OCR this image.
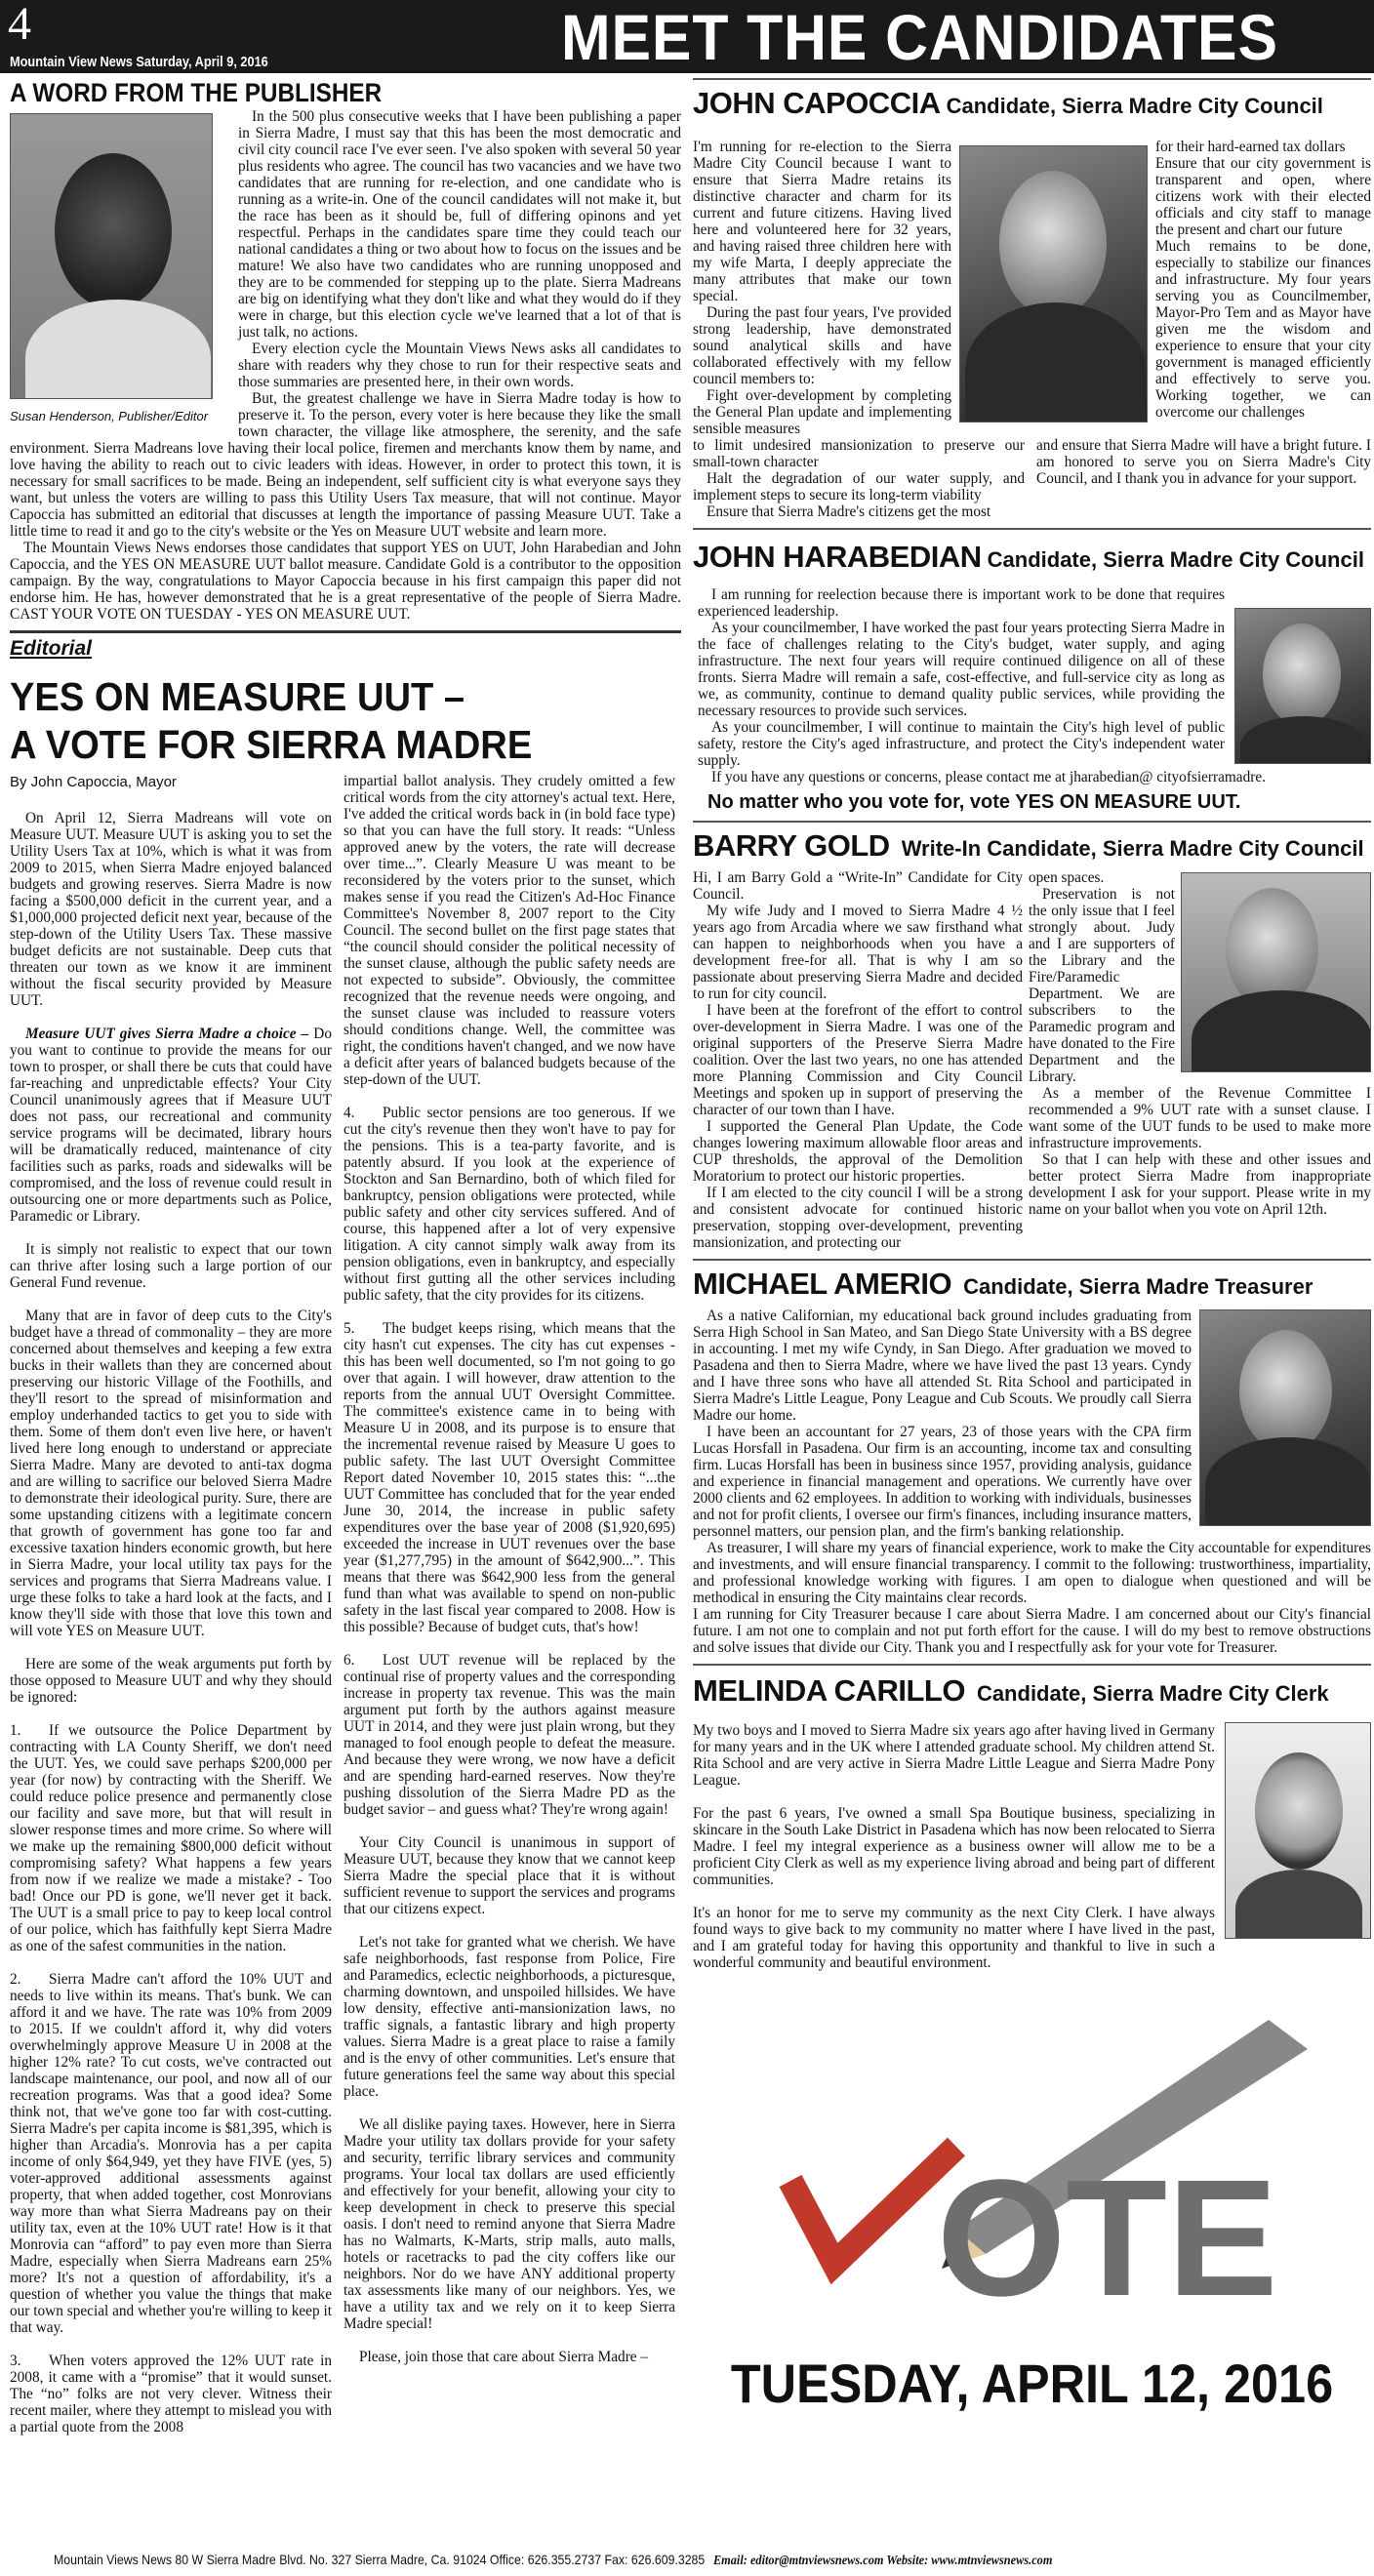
4
Mountain View News Saturday, April 9, 2016	MEET THE CANDIDATES
A WORD FROM THE PUBLISHER
Susan Henderson, Publisher/Editor

In the 500 plus consecutive weeks that I have been publishing a paper in Sierra Madre, I must say that this has been the most democratic and civil city council race I've ever seen. I've also spoken with several 50 year plus residents who agree. The council has two vacancies and we have two candidates that are running for re-election, and one candidate who is running as a write-in. One of the council candidates will not make it, but the race has been as it should be, full of differing opinons and yet respectful. Perhaps in the candidates spare time they could teach our national candidates a thing or two about how to focus on the issues and be mature! We also have two candidates who are running unopposed and they are to be commended for stepping up to the plate. Sierra Madreans are big on identifying what they don't like and what they would do if they were in charge, but this election cycle we've learned that a lot of that is just talk, no actions.

Every election cycle the Mountain Views News asks all candidates to share with readers why they chose to run for their respective seats and those summaries are presented here, in their own words.

But, the greatest challenge we have in Sierra Madre today is how to preserve it. To the person, every voter is here because they like the small town character, the village like atmosphere, the serenity, and the safe environment. Sierra Madreans love having their local police, firemen and merchants know them by name, and love having the ability to reach out to civic leaders with ideas. However, in order to protect this town, it is necessary for small sacrifices to be made. Being an independent, self sufficient city is what everyone says they want, but unless the voters are willing to pass this Utility Users Tax measure, that will not continue. Mayor Capoccia has submitted an editorial that discusses at length the importance of passing Measure UUT. Take a little time to read it and go to the city's website or the Yes on Measure UUT website and learn more.

The Mountain Views News endorses those candidates that support YES on UUT, John Harabedian and John Capoccia, and the YES ON MEASURE UUT ballot measure. Candidate Gold is a contributor to the opposition campaign. By the way, congratulations to Mayor Capoccia because in his first campaign this paper did not endorse him. He has, however demonstrated that he is a great representative of the people of Sierra Madre. CAST YOUR VOTE ON TUESDAY - YES ON MEASURE UUT.

Editorial
YES ON MEASURE UUT –
A VOTE FOR SIERRA MADRE
By John Capoccia, Mayor

On April 12, Sierra Madreans will vote on Measure UUT. Measure UUT is asking you to set the Utility Users Tax at 10%, which is what it was from 2009 to 2015, when Sierra Madre enjoyed balanced budgets and growing reserves. Sierra Madre is now facing a $500,000 deficit in the current year, and a $1,000,000 projected deficit next year, because of the step-down of the Utility Users Tax. These massive budget deficits are not sustainable. Deep cuts that threaten our town as we know it are imminent without the fiscal security provided by Measure UUT.

Measure UUT gives Sierra Madre a choice – Do you want to continue to provide the means for our town to prosper, or shall there be cuts that could have far-reaching and unpredictable effects? Your City Council unanimously agrees that if Measure UUT does not pass, our recreational and community service programs will be decimated, library hours will be dramatically reduced, maintenance of city facilities such as parks, roads and sidewalks will be compromised, and the loss of revenue could result in outsourcing one or more departments such as Police, Paramedic or Library.

It is simply not realistic to expect that our town can thrive after losing such a large portion of our General Fund revenue.

Many that are in favor of deep cuts to the City's budget have a thread of commonality – they are more concerned about themselves and keeping a few extra bucks in their wallets than they are concerned about preserving our historic Village of the Foothills, and they'll resort to the spread of misinformation and employ underhanded tactics to get you to side with them. Some of them don't even live here, or haven't lived here long enough to understand or appreciate Sierra Madre. Many are devoted to anti-tax dogma and are willing to sacrifice our beloved Sierra Madre to demonstrate their ideological purity. Sure, there are some upstanding citizens with a legitimate concern that growth of government has gone too far and excessive taxation hinders economic growth, but here in Sierra Madre, your local utility tax pays for the services and programs that Sierra Madreans value. I urge these folks to take a hard look at the facts, and I know they'll side with those that love this town and will vote YES on Measure UUT.

Here are some of the weak arguments put forth by those opposed to Measure UUT and why they should be ignored:

1. If we outsource the Police Department by contracting with LA County Sheriff, we don't need the UUT. Yes, we could save perhaps $200,000 per year (for now) by contracting with the Sheriff. We could reduce police presence and permanently close our facility and save more, but that will result in slower response times and more crime. So where will we make up the remaining $800,000 deficit without compromising safety? What happens a few years from now if we realize we made a mistake? - Too bad! Once our PD is gone, we'll never get it back. The UUT is a small price to pay to keep local control of our police, which has faithfully kept Sierra Madre as one of the safest communities in the nation.

2. Sierra Madre can't afford the 10% UUT and needs to live within its means. That's bunk. We can afford it and we have. The rate was 10% from 2009 to 2015. If we couldn't afford it, why did voters overwhelmingly approve Measure U in 2008 at the higher 12% rate? To cut costs, we've contracted out landscape maintenance, our pool, and now all of our recreation programs. Was that a good idea? Some think not, that we've gone too far with cost-cutting. Sierra Madre's per capita income is $81,395, which is higher than Arcadia's. Monrovia has a per capita income of only $64,949, yet they have FIVE (yes, 5) voter-approved additional assessments against property, that when added together, cost Monrovians way more than what Sierra Madreans pay on their utility tax, even at the 10% UUT rate! How is it that Monrovia can “afford” to pay even more than Sierra Madre, especially when Sierra Madreans earn 25% more? It's not a question of affordability, it's a question of whether you value the things that make our town special and whether you're willing to keep it that way.

3. When voters approved the 12% UUT rate in 2008, it came with a “promise” that it would sunset. The “no” folks are not very clever. Witness their recent mailer, where they attempt to mislead you with a partial quote from the 2008

impartial ballot analysis. They crudely omitted a few critical words from the city attorney's actual text. Here, I've added the critical words back in (in bold face type) so that you can have the full story. It reads: “Unless approved anew by the voters, the rate will decrease over time...”. Clearly Measure U was meant to be reconsidered by the voters prior to the sunset, which makes sense if you read the Citizen's Ad-Hoc Finance Committee's November 8, 2007 report to the City Council. The second bullet on the first page states that “the council should consider the political necessity of the sunset clause, although the public safety needs are not expected to subside”. Obviously, the committee recognized that the revenue needs were ongoing, and the sunset clause was included to reassure voters should conditions change. Well, the committee was right, the conditions haven't changed, and we now have a deficit after years of balanced budgets because of the step-down of the UUT.

4. Public sector pensions are too generous. If we cut the city's revenue then they won't have to pay for the pensions. This is a tea-party favorite, and is patently absurd. If you look at the experience of Stockton and San Bernardino, both of which filed for bankruptcy, pension obligations were protected, while public safety and other city services suffered. And of course, this happened after a lot of very expensive litigation. A city cannot simply walk away from its pension obligations, even in bankruptcy, and especially without first gutting all the other services including public safety, that the city provides for its citizens.

5. The budget keeps rising, which means that the city hasn't cut expenses. The city has cut expenses - this has been well documented, so I'm not going to go over that again. I will however, draw attention to the reports from the annual UUT Oversight Committee. The committee's existence came in to being with Measure U in 2008, and its purpose is to ensure that the incremental revenue raised by Measure U goes to public safety. The last UUT Oversight Committee Report dated November 10, 2015 states this: “...the UUT Committee has concluded that for the year ended June 30, 2014, the increase in public safety expenditures over the base year of 2008 ($1,920,695) exceeded the increase in UUT revenues over the base year ($1,277,795) in the amount of $642,900...”. This means that there was $642,900 less from the general fund than what was available to spend on non-public safety in the last fiscal year compared to 2008. How is this possible? Because of budget cuts, that's how!

6. Lost UUT revenue will be replaced by the continual rise of property values and the corresponding increase in property tax revenue. This was the main argument put forth by the authors against measure UUT in 2014, and they were just plain wrong, but they managed to fool enough people to defeat the measure. And because they were wrong, we now have a deficit and are spending hard-earned reserves. Now they're pushing dissolution of the Sierra Madre PD as the budget savior – and guess what? They're wrong again!

Your City Council is unanimous in support of Measure UUT, because they know that we cannot keep Sierra Madre the special place that it is without sufficient revenue to support the services and programs that our citizens expect.

Let's not take for granted what we cherish. We have safe neighborhoods, fast response from Police, Fire and Paramedics, eclectic neighborhoods, a picturesque, charming downtown, and unspoiled hillsides. We have low density, effective anti-mansionization laws, no traffic signals, a fantastic library and high property values. Sierra Madre is a great place to raise a family and is the envy of other communities. Let's ensure that future generations feel the same way about this special place.

We all dislike paying taxes. However, here in Sierra Madre your utility tax dollars provide for your safety and security, terrific library services and community programs. Your local tax dollars are used efficiently and effectively for your benefit, allowing your city to keep development in check to preserve this special oasis. I don't need to remind anyone that Sierra Madre has no Walmarts, K-Marts, strip malls, auto malls, hotels or racetracks to pad the city coffers like our neighbors. Nor do we have ANY additional property tax assessments like many of our neighbors. Yes, we have a utility tax and we rely on it to keep Sierra Madre special!

Please, join those that care about Sierra Madre –

JOHN CAPOCCIA Candidate, Sierra Madre City Council

I'm running for re-election to the Sierra Madre City Council because I want to ensure that Sierra Madre retains its distinctive character and charm for its current and future citizens. Having lived here and volunteered here for 32 years, and having raised three children here with my wife Marta, I deeply appreciate the many attributes that make our town special.

During the past four years, I've provided strong leadership, have demonstrated sound analytical skills and have collaborated effectively with my fellow council members to:

Fight over-development by completing the General Plan update and implementing sensible measures

for their hard-earned tax dollars

Ensure that our city government is transparent and open, where citizens work with their elected officials and city staff to manage the present and chart our future

Much remains to be done, especially to stabilize our finances and infrastructure. My four years serving you as Councilmember, Mayor-Pro Tem and as Mayor have given me the wisdom and experience to ensure that your city government is managed efficiently and effectively to serve you. Working together, we can overcome our challenges

to limit undesired mansionization to preserve our small-town character

Halt the degradation of our water supply, and implement steps to secure its long-term viability

Ensure that Sierra Madre's citizens get the most

and ensure that Sierra Madre will have a bright future. I am honored to serve you on Sierra Madre's City Council, and I thank you in advance for your support.

JOHN HARABEDIAN Candidate, Sierra Madre City Council

I am running for reelection because there is important work to be done that requires experienced leadership.

As your councilmember, I have worked the past four years protecting Sierra Madre in the face of challenges relating to the City's budget, water supply, and aging infrastructure. The next four years will require continued diligence on all of these fronts. Sierra Madre will remain a safe, cost-effective, and full-service city as long as we, as community, continue to demand quality public services, while providing the necessary resources to provide such services.

As your councilmember, I will continue to maintain the City's high level of public safety, restore the City's aged infrastructure, and protect the City's independent water supply.

If you have any questions or concerns, please contact me at jharabedian@ cityofsierramadre.

No matter who you vote for, vote YES ON MEASURE UUT.
BARRY GOLD Write-In Candidate, Sierra Madre City Council

Hi, I am Barry Gold a “Write-In” Candidate for City Council.

My wife Judy and I moved to Sierra Madre 4 ½ years ago from Arcadia where we saw firsthand what can happen to neighborhoods when you have a development free-for all. That is why I am so passionate about preserving Sierra Madre and decided to run for city council.

I have been at the forefront of the effort to control over-development in Sierra Madre. I was one of the original supporters of the Preserve Sierra Madre coalition. Over the last two years, no one has attended more Planning Commission and City Council Meetings and spoken up in support of preserving the character of our town than I have.

I supported the General Plan Update, the Code changes lowering maximum allowable floor areas and CUP thresholds, the approval of the Demolition Moratorium to protect our historic properties.

If I am elected to the city council I will be a strong and consistent advocate for continued historic preservation, stopping over-development, preventing mansionization, and protecting our

open spaces.

Preservation is not the only issue that I feel strongly about. Judy and I are supporters of the Library and the Fire/Paramedic Department. We are subscribers to the Paramedic program and have donated to the Fire Department and the Library.

As a member of the Revenue Committee I recommended a 9% UUT rate with a sunset clause. I want some of the UUT funds to be used to make more infrastructure improvements.

So that I can help with these and other issues and better protect Sierra Madre from inappropriate development I ask for your support. Please write in my name on your ballot when you vote on April 12th.

MICHAEL AMERIO Candidate, Sierra Madre Treasurer

As a native Californian, my educational back ground includes graduating from Serra High School in San Mateo, and San Diego State University with a BS degree in accounting. I met my wife Cyndy, in San Diego. After graduation we moved to Pasadena and then to Sierra Madre, where we have lived the past 13 years. Cyndy and I have three sons who have all attended St. Rita School and participated in Sierra Madre's Little League, Pony League and Cub Scouts. We proudly call Sierra Madre our home.

I have been an accountant for 27 years, 23 of those years with the CPA firm Lucas Horsfall in Pasadena. Our firm is an accounting, income tax and consulting firm. Lucas Horsfall has been in business since 1957, providing analysis, guidance and experience in financial management and operations. We currently have over 2000 clients and 62 employees. In addition to working with individuals, businesses and not for profit clients, I oversee our firm's finances, including insurance matters, personnel matters, our pension plan, and the firm's banking relationship.

As treasurer, I will share my years of financial experience, work to make the City accountable for expenditures and investments, and will ensure financial transparency. I commit to the following: trustworthiness, impartiality, and professional knowledge working with figures. I am open to dialogue when questioned and will be methodical in ensuring the City maintains clear records.

I am running for City Treasurer because I care about Sierra Madre. I am concerned about our City's financial future. I am not one to complain and not put forth effort for the cause. I will do my best to remove obstructions and solve issues that divide our City. Thank you and I respectfully ask for your vote for Treasurer.

MELINDA CARILLO Candidate, Sierra Madre City Clerk

My two boys and I moved to Sierra Madre six years ago after having lived in Germany for many years and in the UK where I attended graduate school. My children attend St. Rita School and are very active in Sierra Madre Little League and Sierra Madre Pony League.

For the past 6 years, I've owned a small Spa Boutique business, specializing in skincare in the South Lake District in Pasadena which has now been relocated to Sierra Madre. I feel my integral experience as a business owner will allow me to be a proficient City Clerk as well as my experience living abroad and being part of different communities.

It's an honor for me to serve my community as the next City Clerk. I have always found ways to give back to my community no matter where I have lived in the past, and I am grateful today for having this opportunity and thankful to live in such a wonderful community and beautiful environment.

OTE
TUESDAY, APRIL 12, 2016
Mountain Views News 80 W Sierra Madre Blvd. No. 327 Sierra Madre, Ca. 91024 Office: 626.355.2737 Fax: 626.609.3285 Email: editor@mtnviewsnews.com Website: www.mtnviewsnews.com
